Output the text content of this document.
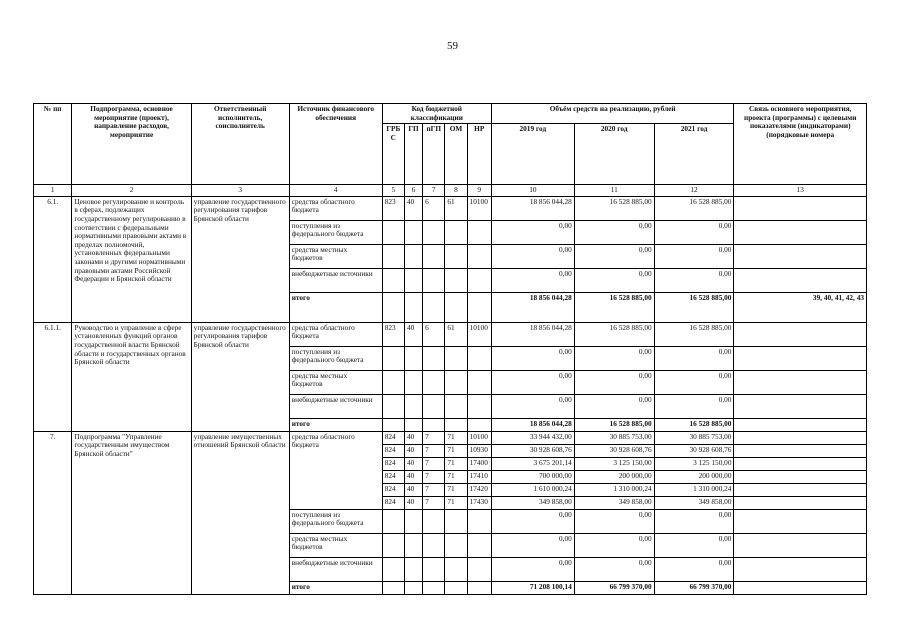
59
№ пп	Подпрограмма, основное мероприятие (проект), направление расходов, мероприятие	Ответственный исполнитель, соисполнитель	Источник финансового обеспечения	Код бюджетной классификации					Объём средств на реализацию, рублей			Связь основного мероприятия, проекта (программы) с целевыми показателями (индикаторами) (порядковые номера
				ГРБС	ГП	пГП	ОМ	НР	2019 год	2020 год	2021 год	
1	2	3	4	5	6	7	8	9	10	11	12	13
6.1.	Ценовое регулирование и контроль в сферах, подлежащих государственному регулированию в соответствии с федеральными нормативными правовыми актами в пределах полномочий, установленных федеральными законами и другими нормативными правовыми актами Российской Федерации и Брянской области	управление государственного регулирования тарифов Брянской области	средства областного бюджета	823	40	6	61	10100	18 856 044,28	16 528 885,00	16 528 885,00	
			поступления из федерального бюджета						0,00	0,00	0,00	
			средства местных бюджетов						0,00	0,00	0,00	
			внебюджетные источники						0,00	0,00	0,00	
			итого						18 856 044,28	16 528 885,00	16 528 885,00	39, 40, 41, 42, 43
6.1.1.	Руководство и управление в сфере установленных функций органов государственной власти Брянской области и государственных органов Брянской области	управление государственного регулирования тарифов Брянской области	средства областного бюджета	823	40	6	61	10100	18 856 044,28	16 528 885,00	16 528 885,00	
			поступления из федерального бюджета						0,00	0,00	0,00	
			средства местных бюджетов						0,00	0,00	0,00	
			внебюджетные источники						0,00	0,00	0,00	
			итого						18 856 044,28	16 528 885,00	16 528 885,00	
7.	Подпрограмма "Управление государственным имуществом Брянской области"	управление имущественных отношений Брянской области	средства областного бюджета	824	40	7	71	10100	33 944 432,00	30 885 753,00	30 885 753,00	
				824	40	7	71	10930	30 928 608,76	30 928 608,76	30 928 608,76	
				824	40	7	71	17400	3 675 201,14	3 125 150,00	3 125 150,00	
				824	40	7	71	17410	700 000,00	200 000,00	200 000,00	
				824	40	7	71	17420	1 610 000,24	1 310 000,24	1 310 000,24	
				824	40	7	71	17430	349 858,00	349 858,00	349 858,00	
			поступления из федерального бюджета						0,00	0,00	0,00	
			средства местных бюджетов						0,00	0,00	0,00	
			внебюджетные источники						0,00	0,00	0,00	
			итого						71 208 100,14	66 799 370,00	66 799 370,00	
